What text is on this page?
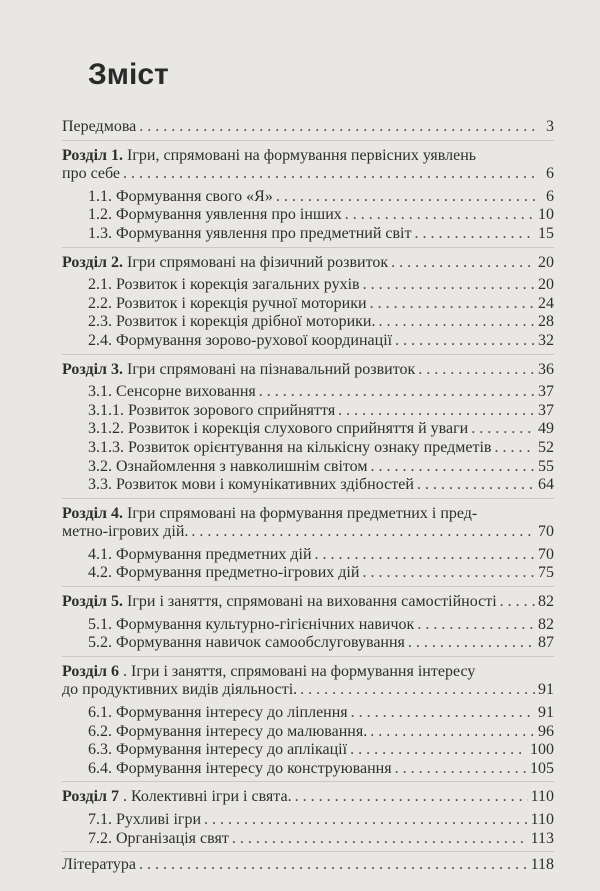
Зміст
Передмова . . .	3
Розділ 1. Ігри, спрямовані на формування первісних уявлень
про себе . . .	6
1.1. Формування свого «Я» . . .	6
1.2. Формування уявлення про інших . . .	10
1.3. Формування уявлення про предметний світ . . .	15
Розділ 2. Ігри спрямовані на фізичний розвиток . . .	20
2.1. Розвиток і корекція загальних рухів . . .	20
2.2. Розвиток і корекція ручної моторики . . .	24
2.3. Розвиток і корекція дрібної моторики. . . .	28
2.4. Формування зорово-рухової координації . . .	32
Розділ 3. Ігри спрямовані на пізнавальний розвиток . . .	36
3.1. Сенсорне виховання . . .	37
3.1.1. Розвиток зорового сприйняття . . .	37
3.1.2. Розвиток і корекція слухового сприйняття й уваги . . .	49
3.1.3. Розвиток орієнтування на кількісну ознаку предметів . . .	52
3.2. Ознайомлення з навколишнім світом . . .	55
3.3. Розвиток мови і комунікативних здібностей . . .	64
Розділ 4. Ігри спрямовані на формування предметних і пред-
метно-ігрових дій. . . .	70
4.1. Формування предметних дій . . .	70
4.2. Формування предметно-ігрових дій . . .	75
Розділ 5. Ігри і заняття, спрямовані на виховання самостійності . . .	82
5.1. Формування культурно-гігієнічних навичок . . .	82
5.2. Формування навичок самообслуговування . . .	87
Розділ 6 . Ігри і заняття, спрямовані на формування інтересу
до продуктивних видів діяльності. . . .	91
6.1. Формування інтересу до ліплення . . .	91
6.2. Формування інтересу до малювання. . . .	96
6.3. Формування інтересу до аплікації . . .	100
6.4. Формування інтересу до конструювання . . .	105
Розділ 7 . Колективні ігри і свята. . . .	110
7.1. Рухливі ігри . . .	110
7.2. Організація свят . . .	113
Література . . .	118
